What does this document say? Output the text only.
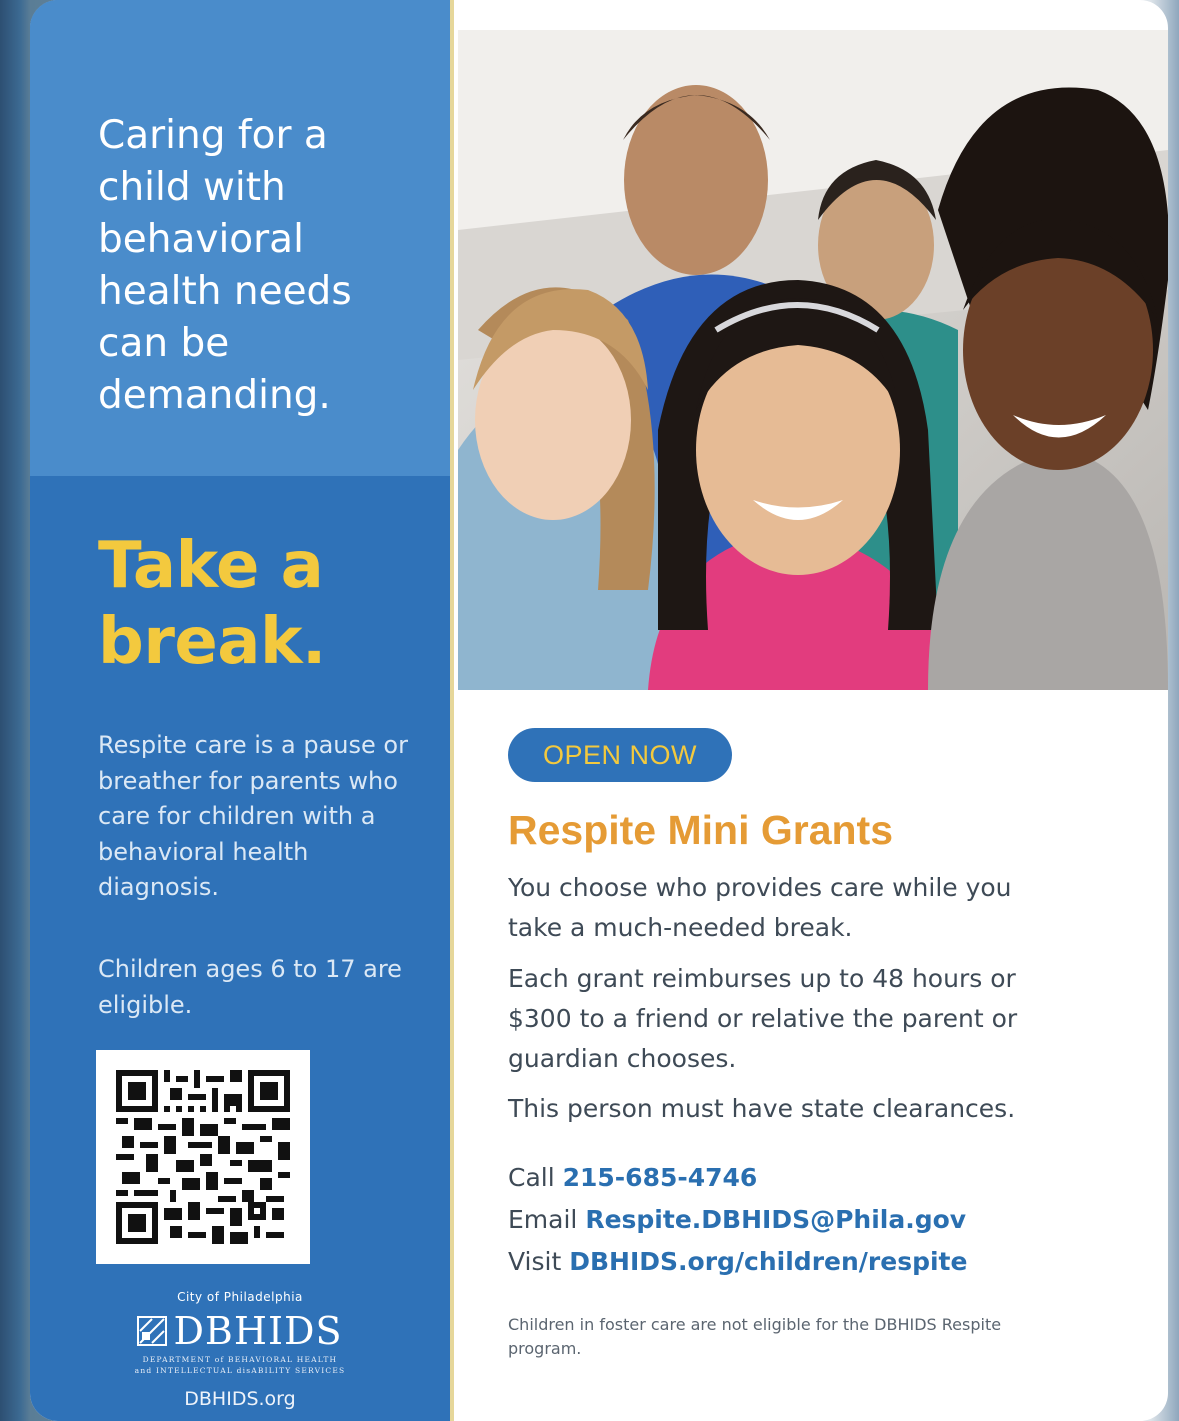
Caring for a child with behavioral health needs can be demanding.

Take a break.

Respite care is a pause or breather for parents who care for children with a behavioral health diagnosis.

Children ages 6 to 17 are eligible.

City of Philadelphia
DBHIDS
DEPARTMENT of BEHAVIORAL HEALTH
and INTELLECTUAL disABILITY SERVICES
DBHIDS.org
OPEN NOW
Respite Mini Grants

You choose who provides care while you take a much-needed break.

Each grant reimburses up to 48 hours or $300 to a friend or relative the parent or guardian chooses.

This person must have state clearances.

Call 215-685-4746

Email Respite.DBHIDS@Phila.gov

Visit DBHIDS.org/children/respite

Children in foster care are not eligible for the DBHIDS Respite program.
